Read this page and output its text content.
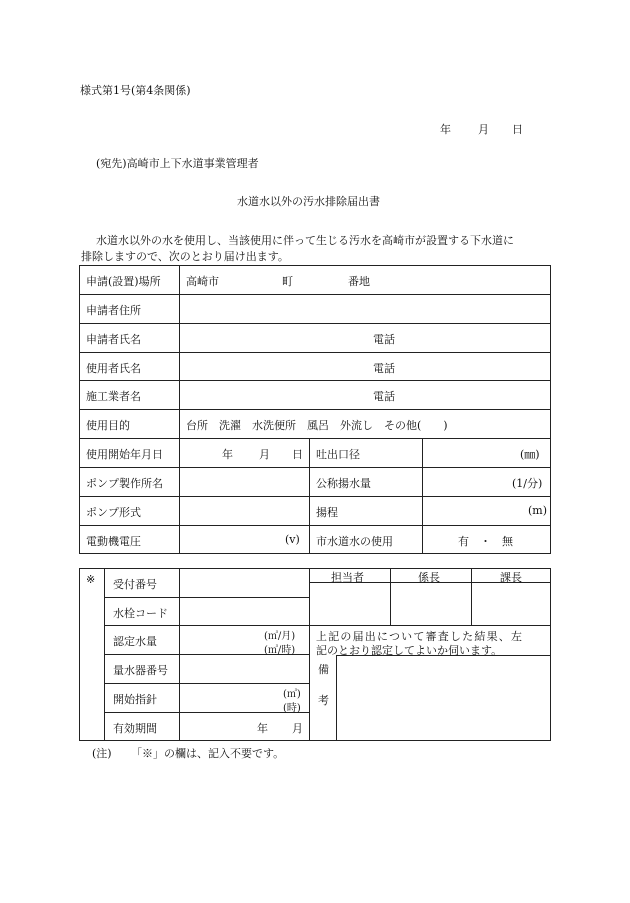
様式第1号(第4条関係)
年 月 日
(宛先)高崎市上下水道事業管理者
水道水以外の汚水排除届出書
水道水以外の水を使用し、当該使用に伴って生じる汚水を高崎市が設置する下水道に
排除しますので、次のとおり届け出ます。
申請(設置)場所 高崎市	町	番地
申請者住所
申請者氏名	電話
使用者氏名	電話
施工業者名	電話
使用目的	台所　洗濯　水洗便所　風呂　外流し　その他(　　)
使用開始年月日	年 月 日 吐出口径	(㎜)
ポンプ製作所名	公称揚水量	(1/分)
ポンプ形式	揚程	(m)
電動機電圧	(v) 市水道水の使用	有　・　無
※ 受付番号
水栓コード
認定水量	(㎥/月)
(㎥/時)
量水器番号
開始指針	(㎥)
(時)
有効期間	年 月
担当者	係長	課長
上記の届出について審査した結果、左
記のとおり認定してよいか伺います。
備
考
(注) 「※」の欄は、記入不要です。
